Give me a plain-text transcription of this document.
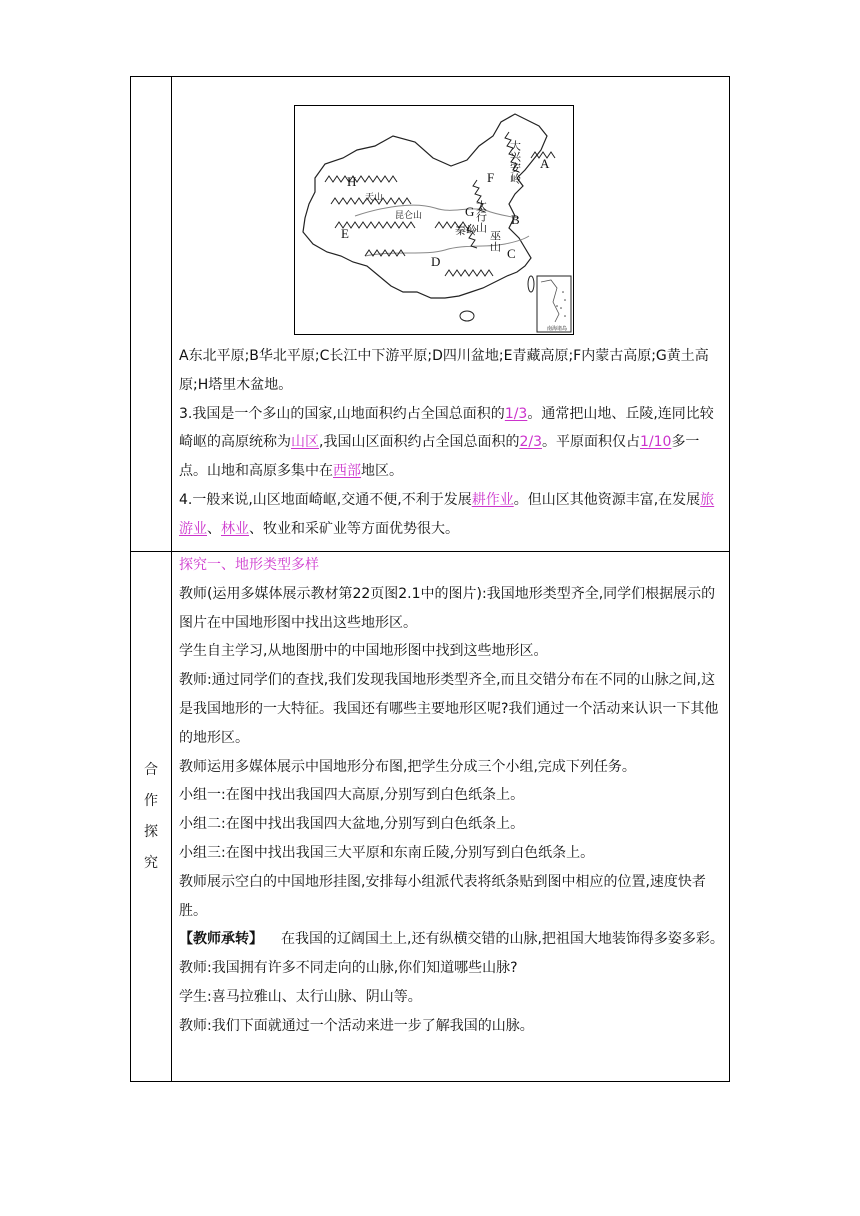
A
B
C
D
E
F
G
H	大兴安岭
太行山
秦岭 巫山
天山
昆仑山
南海诸岛

A东北平原;B华北平原;C长江中下游平原;D四川盆地;E青藏高原;F内蒙古高原;G黄土高原;H塔里木盆地。

3.我国是一个多山的国家,山地面积约占全国总面积的1/3。通常把山地、丘陵,连同比较崎岖的高原统称为山区,我国山区面积约占全国总面积的2/3。平原面积仅占1/10多一点。山地和高原多集中在西部地区。

4.一般来说,山区地面崎岖,交通不便,不利于发展耕作业。但山区其他资源丰富,在发展旅游业、林业、牧业和采矿业等方面优势很大。

合
作
探
究

探究一、地形类型多样

教师(运用多媒体展示教材第22页图2.1中的图片):我国地形类型齐全,同学们根据展示的图片在中国地形图中找出这些地形区。

学生自主学习,从地图册中的中国地形图中找到这些地形区。

教师:通过同学们的查找,我们发现我国地形类型齐全,而且交错分布在不同的山脉之间,这是我国地形的一大特征。我国还有哪些主要地形区呢?我们通过一个活动来认识一下其他的地形区。

教师运用多媒体展示中国地形分布图,把学生分成三个小组,完成下列任务。

小组一:在图中找出我国四大高原,分别写到白色纸条上。

小组二:在图中找出我国四大盆地,分别写到白色纸条上。

小组三:在图中找出我国三大平原和东南丘陵,分别写到白色纸条上。

教师展示空白的中国地形挂图,安排每小组派代表将纸条贴到图中相应的位置,速度快者胜。

【教师承转】 在我国的辽阔国土上,还有纵横交错的山脉,把祖国大地装饰得多姿多彩。

教师:我国拥有许多不同走向的山脉,你们知道哪些山脉?

学生:喜马拉雅山、太行山脉、阴山等。

教师:我们下面就通过一个活动来进一步了解我国的山脉。
